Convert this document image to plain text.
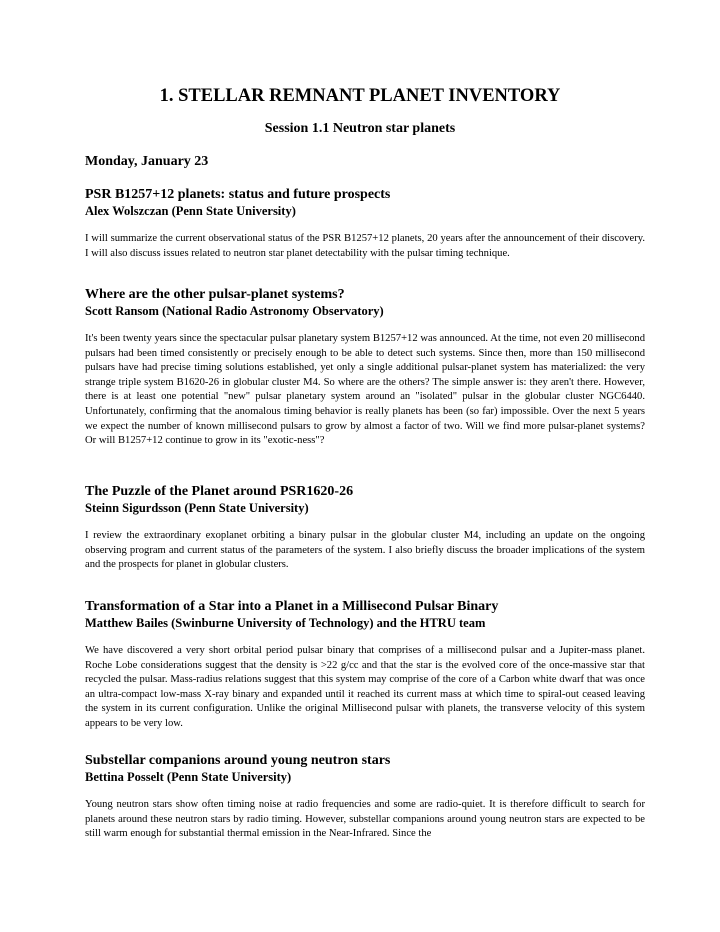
1. STELLAR REMNANT PLANET INVENTORY
Session 1.1 Neutron star planets

Monday, January 23

PSR B1257+12 planets: status and future prospects

Alex Wolszczan (Penn State University)

I will summarize the current observational status of the PSR B1257+12 planets, 20 years after the announcement of their discovery. I will also discuss issues related to neutron star planet detectability with the pulsar timing technique.

Where are the other pulsar-planet systems?

Scott Ransom (National Radio Astronomy Observatory)

It's been twenty years since the spectacular pulsar planetary system B1257+12 was announced. At the time, not even 20 millisecond pulsars had been timed consistently or precisely enough to be able to detect such systems. Since then, more than 150 millisecond pulsars have had precise timing solutions established, yet only a single additional pulsar-planet system has materialized: the very strange triple system B1620-26 in globular cluster M4. So where are the others? The simple answer is: they aren't there. However, there is at least one potential "new" pulsar planetary system around an "isolated" pulsar in the globular cluster NGC6440. Unfortunately, confirming that the anomalous timing behavior is really planets has been (so far) impossible. Over the next 5 years we expect the number of known millisecond pulsars to grow by almost a factor of two. Will we find more pulsar-planet systems? Or will B1257+12 continue to grow in its "exotic-ness"?

The Puzzle of the Planet around PSR1620-26

Steinn Sigurdsson (Penn State University)

I review the extraordinary exoplanet orbiting a binary pulsar in the globular cluster M4, including an update on the ongoing observing program and current status of the parameters of the system. I also briefly discuss the broader implications of the system and the prospects for planet in globular clusters.

Transformation of a Star into a Planet in a Millisecond Pulsar Binary

Matthew Bailes (Swinburne University of Technology) and the HTRU team

We have discovered a very short orbital period pulsar binary that comprises of a millisecond pulsar and a Jupiter-mass planet. Roche Lobe considerations suggest that the density is >22 g/cc and that the star is the evolved core of the once-massive star that recycled the pulsar. Mass-radius relations suggest that this system may comprise of the core of a Carbon white dwarf that was once an ultra-compact low-mass X-ray binary and expanded until it reached its current mass at which time to spiral-out ceased leaving the system in its current configuration. Unlike the original Millisecond pulsar with planets, the transverse velocity of this system appears to be very low.

Substellar companions around young neutron stars

Bettina Posselt (Penn State University)

Young neutron stars show often timing noise at radio frequencies and some are radio-quiet. It is therefore difficult to search for planets around these neutron stars by radio timing. However, substellar companions around young neutron stars are expected to be still warm enough for substantial thermal emission in the Near-Infrared. Since the
